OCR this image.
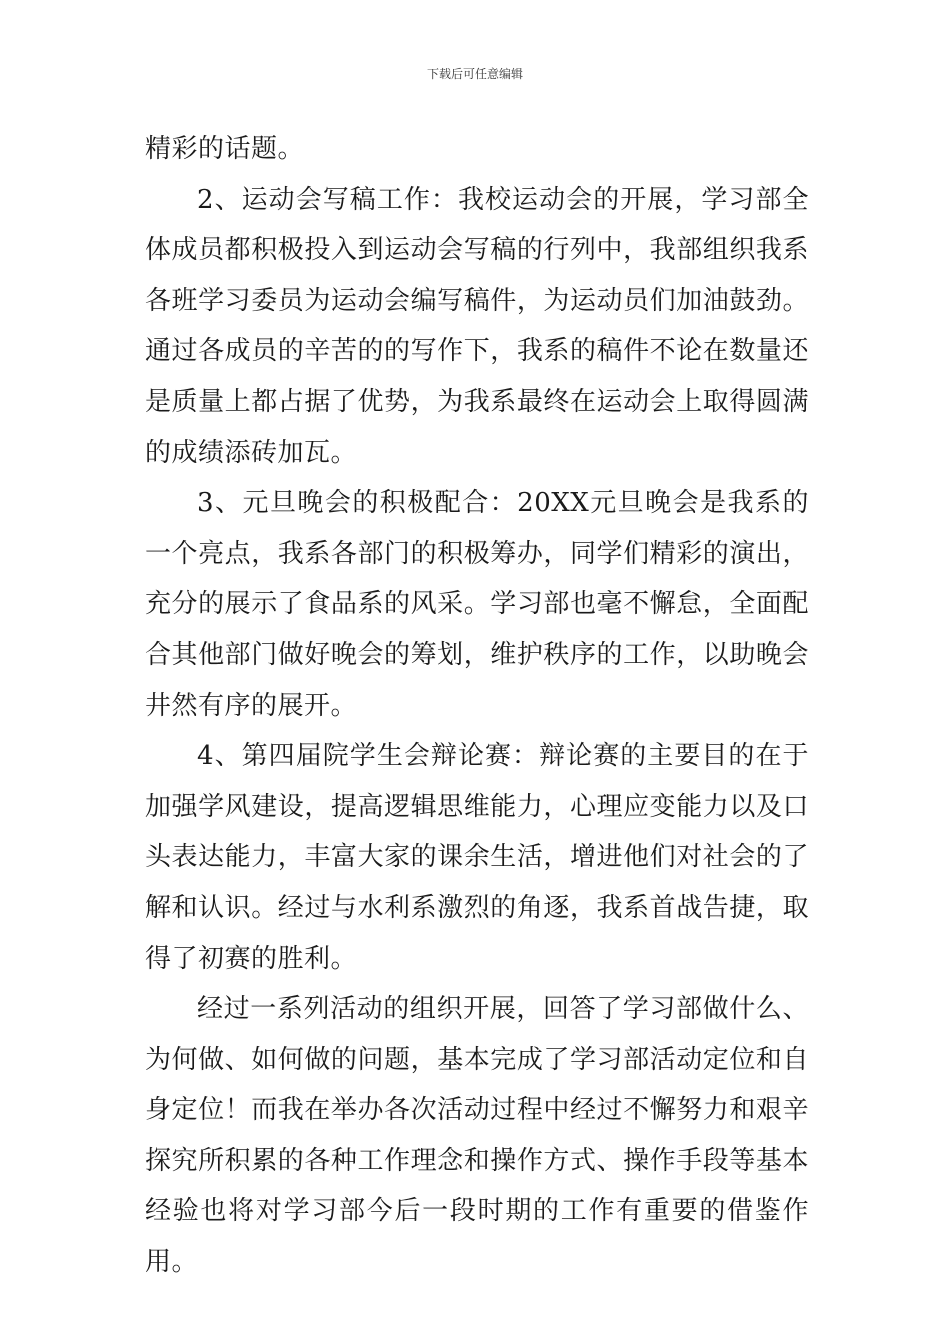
下载后可任意编辑

精彩的话题。

2、运动会写稿工作：我校运动会的开展，学习部全体成员都积极投入到运动会写稿的行列中，我部组织我系各班学习委员为运动会编写稿件，为运动员们加油鼓劲。通过各成员的辛苦的的写作下，我系的稿件不论在数量还是质量上都占据了优势，为我系最终在运动会上取得圆满的成绩添砖加瓦。

3、元旦晚会的积极配合：20XX元旦晚会是我系的一个亮点，我系各部门的积极筹办，同学们精彩的演出，充分的展示了食品系的风采。学习部也毫不懈怠，全面配合其他部门做好晚会的筹划，维护秩序的工作，以助晚会井然有序的展开。

4、第四届院学生会辩论赛：辩论赛的主要目的在于加强学风建设，提高逻辑思维能力，心理应变能力以及口头表达能力，丰富大家的课余生活，增进他们对社会的了解和认识。经过与水利系激烈的角逐，我系首战告捷，取得了初赛的胜利。

经过一系列活动的组织开展，回答了学习部做什么、为何做、如何做的问题，基本完成了学习部活动定位和自身定位！而我在举办各次活动过程中经过不懈努力和艰辛探究所积累的各种工作理念和操作方式、操作手段等基本经验也将对学习部今后一段时期的工作有重要的借鉴作用。
